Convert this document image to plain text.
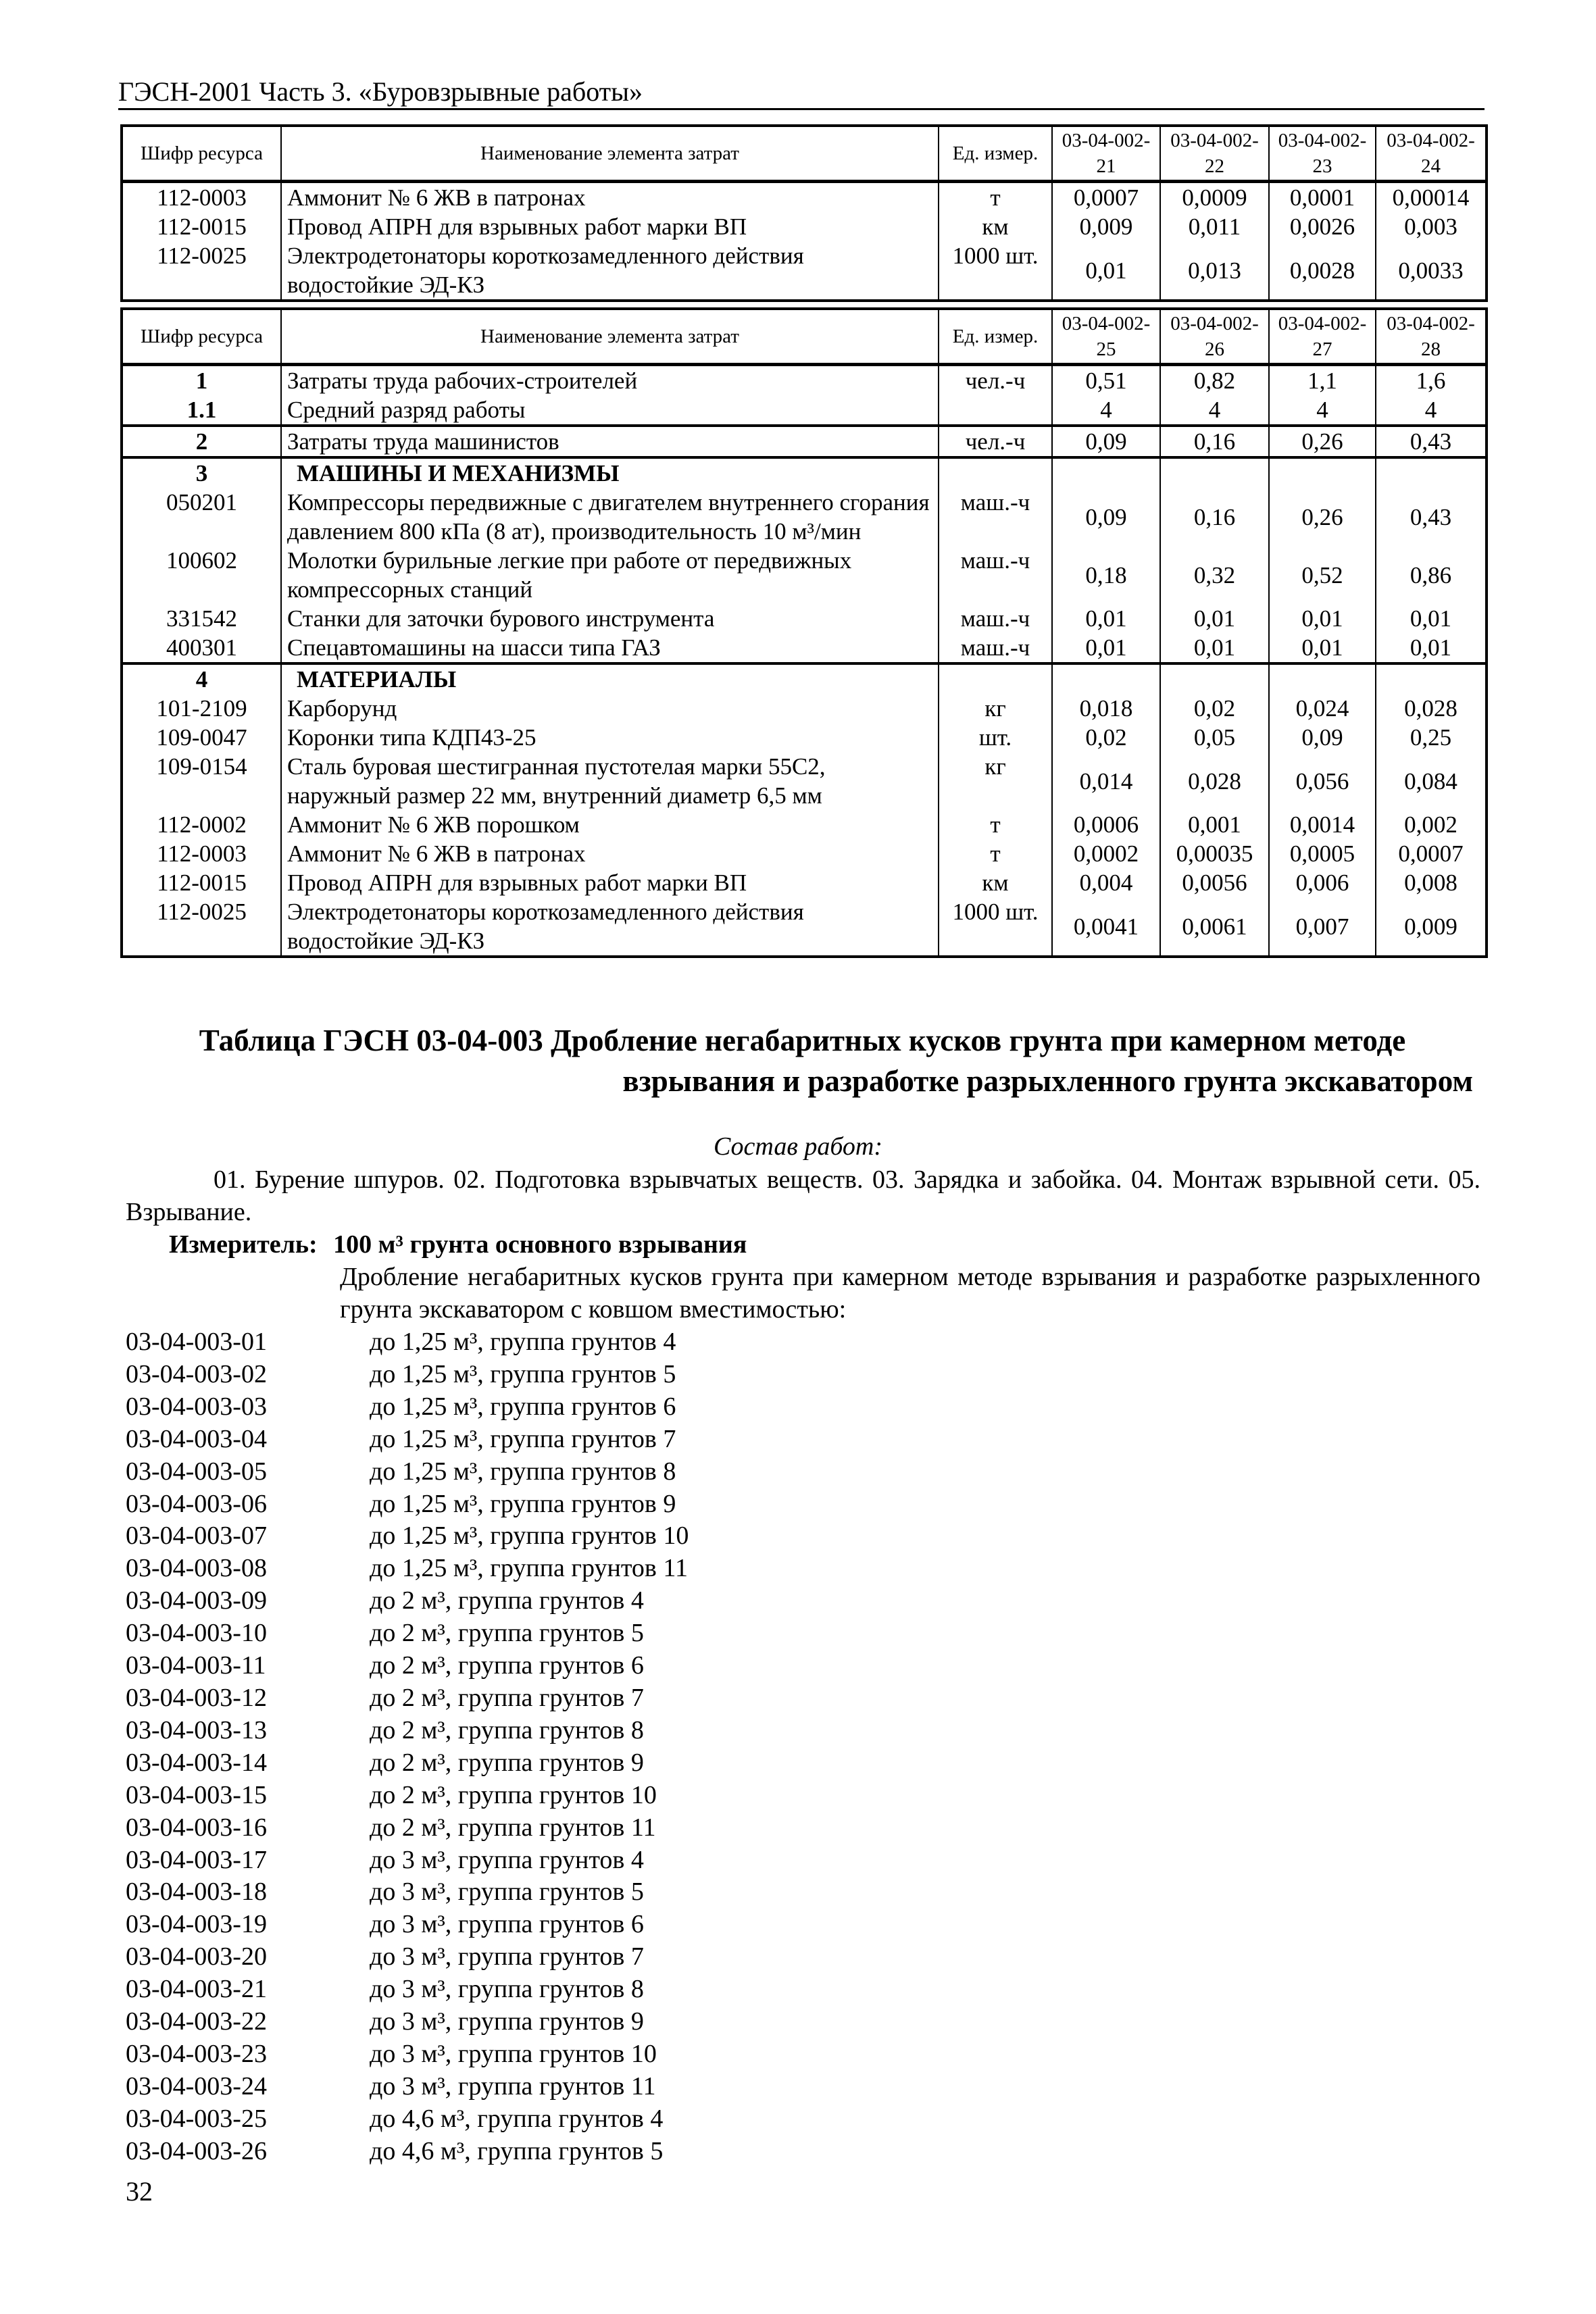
ГЭСН-2001 Часть 3. «Буровзрывные работы»
Шифр ресурса	Наименование элемента затрат	Ед. измер.	03-04-002-21	03-04-002-22	03-04-002-23	03-04-002-24
112-0003	Аммонит № 6 ЖВ в патронах	т	0,0007	0,0009	0,0001	0,00014
112-0015	Провод АПРН для взрывных работ марки ВП	км	0,009	0,011	0,0026	0,003
112-0025	Электродетонаторы короткозамедленного действия водостойкие ЭД-КЗ	1000 шт.	0,01	0,013	0,0028	0,0033
Шифр ресурса	Наименование элемента затрат	Ед. измер.	03-04-002-25	03-04-002-26	03-04-002-27	03-04-002-28
1	Затраты труда рабочих-строителей	чел.-ч	0,51	0,82	1,1	1,6
1.1	Средний разряд работы		4	4	4	4
2	Затраты труда машинистов	чел.-ч	0,09	0,16	0,26	0,43
3	МАШИНЫ И МЕХАНИЗМЫ					
050201	Компрессоры передвижные с двигателем внутреннего сгорания давлением 800 кПа (8 ат), производительность 10 м³/мин	маш.-ч	0,09	0,16	0,26	0,43
100602	Молотки бурильные легкие при работе от передвижных компрессорных станций	маш.-ч	0,18	0,32	0,52	0,86
331542	Станки для заточки бурового инструмента	маш.-ч	0,01	0,01	0,01	0,01
400301	Спецавтомашины на шасси типа ГАЗ	маш.-ч	0,01	0,01	0,01	0,01
4	МАТЕРИАЛЫ					
101-2109	Карборунд	кг	0,018	0,02	0,024	0,028
109-0047	Коронки типа КДП43-25	шт.	0,02	0,05	0,09	0,25
109-0154	Сталь буровая шестигранная пустотелая марки 55С2, наружный размер 22 мм, внутренний диаметр 6,5 мм	кг	0,014	0,028	0,056	0,084
112-0002	Аммонит № 6 ЖВ порошком	т	0,0006	0,001	0,0014	0,002
112-0003	Аммонит № 6 ЖВ в патронах	т	0,0002	0,00035	0,0005	0,0007
112-0015	Провод АПРН для взрывных работ марки ВП	км	0,004	0,0056	0,006	0,008
112-0025	Электродетонаторы короткозамедленного действия водостойкие ЭД-КЗ	1000 шт.	0,0041	0,0061	0,007	0,009
Таблица ГЭСН 03-04-003 Дробление негабаритных кусков грунта при камерном методе
взрывания и разработке разрыхленного грунта экскаватором
Состав работ:
01. Бурение шпуров. 02. Подготовка взрывчатых веществ. 03. Зарядка и забойка. 04. Монтаж взрывной сети. 05. Взрывание.
Измеритель: 100 м³ грунта основного взрывания
Дробление негабаритных кусков грунта при камерном методе взрывания и разработке разрыхленного грунта экскаватором с ковшом вместимостью:
03-04-003-01	до 1,25 м³, группа грунтов 4
03-04-003-02	до 1,25 м³, группа грунтов 5
03-04-003-03	до 1,25 м³, группа грунтов 6
03-04-003-04	до 1,25 м³, группа грунтов 7
03-04-003-05	до 1,25 м³, группа грунтов 8
03-04-003-06	до 1,25 м³, группа грунтов 9
03-04-003-07	до 1,25 м³, группа грунтов 10
03-04-003-08	до 1,25 м³, группа грунтов 11
03-04-003-09	до 2 м³, группа грунтов 4
03-04-003-10	до 2 м³, группа грунтов 5
03-04-003-11	до 2 м³, группа грунтов 6
03-04-003-12	до 2 м³, группа грунтов 7
03-04-003-13	до 2 м³, группа грунтов 8
03-04-003-14	до 2 м³, группа грунтов 9
03-04-003-15	до 2 м³, группа грунтов 10
03-04-003-16	до 2 м³, группа грунтов 11
03-04-003-17	до 3 м³, группа грунтов 4
03-04-003-18	до 3 м³, группа грунтов 5
03-04-003-19	до 3 м³, группа грунтов 6
03-04-003-20	до 3 м³, группа грунтов 7
03-04-003-21	до 3 м³, группа грунтов 8
03-04-003-22	до 3 м³, группа грунтов 9
03-04-003-23	до 3 м³, группа грунтов 10
03-04-003-24	до 3 м³, группа грунтов 11
03-04-003-25	до 4,6 м³, группа грунтов 4
03-04-003-26	до 4,6 м³, группа грунтов 5
32
